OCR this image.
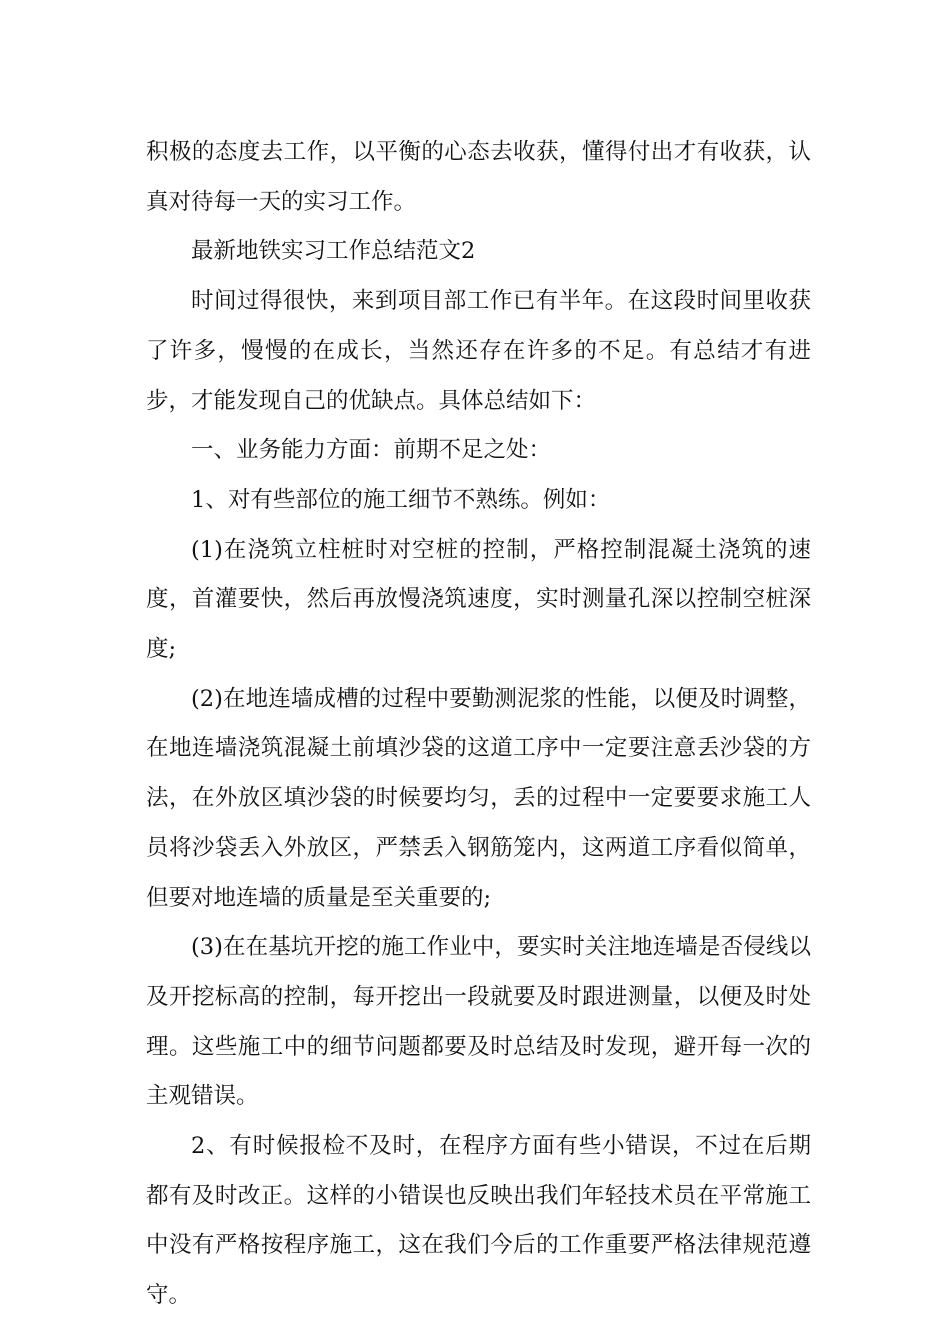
积极的态度去工作，以平衡的心态去收获，懂得付出才有收获，认真对待每一天的实习工作。

最新地铁实习工作总结范文2

时间过得很快，来到项目部工作已有半年。在这段时间里收获了许多，慢慢的在成长，当然还存在许多的不足。有总结才有进步，才能发现自己的优缺点。具体总结如下：

一、业务能力方面：前期不足之处：

1、对有些部位的施工细节不熟练。例如：

(1)在浇筑立柱桩时对空桩的控制，严格控制混凝土浇筑的速度，首灌要快，然后再放慢浇筑速度，实时测量孔深以控制空桩深度;

(2)在地连墙成槽的过程中要勤测泥浆的性能，以便及时调整，在地连墙浇筑混凝土前填沙袋的这道工序中一定要注意丢沙袋的方法，在外放区填沙袋的时候要均匀，丢的过程中一定要要求施工人员将沙袋丢入外放区，严禁丢入钢筋笼内，这两道工序看似简单，但要对地连墙的质量是至关重要的;

(3)在在基坑开挖的施工作业中，要实时关注地连墙是否侵线以及开挖标高的控制，每开挖出一段就要及时跟进测量，以便及时处理。这些施工中的细节问题都要及时总结及时发现，避开每一次的主观错误。

2、有时候报检不及时，在程序方面有些小错误，不过在后期都有及时改正。这样的小错误也反映出我们年轻技术员在平常施工中没有严格按程序施工，这在我们今后的工作重要严格法律规范遵守。
